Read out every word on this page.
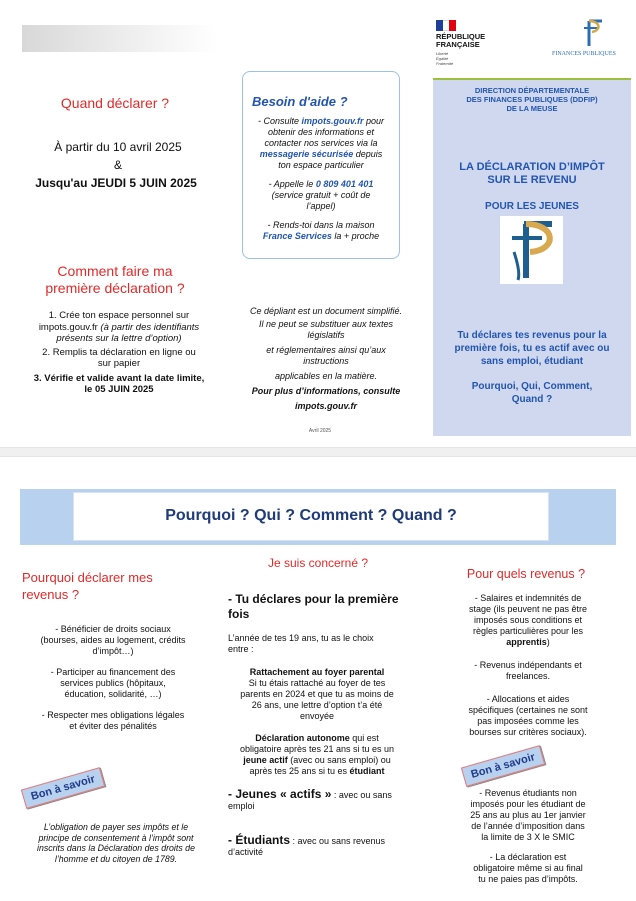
Quand déclarer ?
À partir du 10 avril 2025
&
Jusqu'au JEUDI 5 JUIN 2025
Comment faire ma
première déclaration ?
1. Crée ton espace personnel sur
impots.gouv.fr (à partir des identifiants
présents sur la lettre d’option)
2. Remplis ta déclaration en ligne ou
sur papier
3. Vérifie et valide avant la date limite,
le 05 JUIN 2025
Besoin d'aide ?
- Consulte impots.gouv.fr pour
obtenir des informations et
contacter nos services via la
messagerie sécurisée depuis
ton espace particulier
- Appelle le 0 809 401 401
(service gratuit + coût de
l’appel)
- Rends-toi dans la maison
France Services la + proche
Ce dépliant est un document simplifié.
Il ne peut se substituer aux textes
législatifs
et réglementaires ainsi qu’aux
instructions
applicables en la matière.
Pour plus d’informations, consulte
impots.gouv.fr
Avril 2025
RÉPUBLIQUE
FRANÇAISE
Liberté
Égalité
Fraternité
FINANCES PUBLIQUES
DIRECTION DÉPARTEMENTALE
DES FINANCES PUBLIQUES (DDFIP)
DE LA MEUSE
LA DÉCLARATION D’IMPÔT
SUR LE REVENU
POUR LES JEUNES
Tu déclares tes revenus pour la
première fois, tu es actif avec ou
sans emploi, étudiant
Pourquoi, Qui, Comment,
Quand ?
Pourquoi ? Qui ? Comment ? Quand ?
Pourquoi déclarer mes
revenus ?
- Bénéficier de droits sociaux
(bourses, aides au logement, crédits
d’impôt…)
- Participer au financement des
services publics (hôpitaux,
éducation, solidarité, …)
- Respecter mes obligations légales
et éviter des pénalités
Bon à savoir
L’obligation de payer ses impôts et le
principe de consentement à l’impôt sont
inscrits dans la Déclaration des droits de
l’homme et du citoyen de 1789.
Je suis concerné ?
- Tu déclares pour la première
fois
L’année de tes 19 ans, tu as le choix
entre :
Rattachement au foyer parental
Si tu étais rattaché au foyer de tes
parents en 2024 et que tu as moins de
26 ans, une lettre d’option t’a été
envoyée
Déclaration autonome qui est
obligatoire après tes 21 ans si tu es un
jeune actif (avec ou sans emploi) ou
après tes 25 ans si tu es étudiant
- Jeunes « actifs » : avec ou sans
emploi
- Étudiants : avec ou sans revenus
d’activité
Pour quels revenus ?
- Salaires et indemnités de
stage (ils peuvent ne pas être
imposés sous conditions et
règles particulières pour les
apprentis)
- Revenus indépendants et
freelances.
- Allocations et aides
spécifiques (certaines ne sont
pas imposées comme les
bourses sur critères sociaux).
Bon à savoir
- Revenus étudiants non
imposés pour les étudiant de
25 ans au plus au 1er janvier
de l’année d’imposition dans
la limite de 3 X le SMIC
- La déclaration est
obligatoire même si au final
tu ne paies pas d’impôts.
